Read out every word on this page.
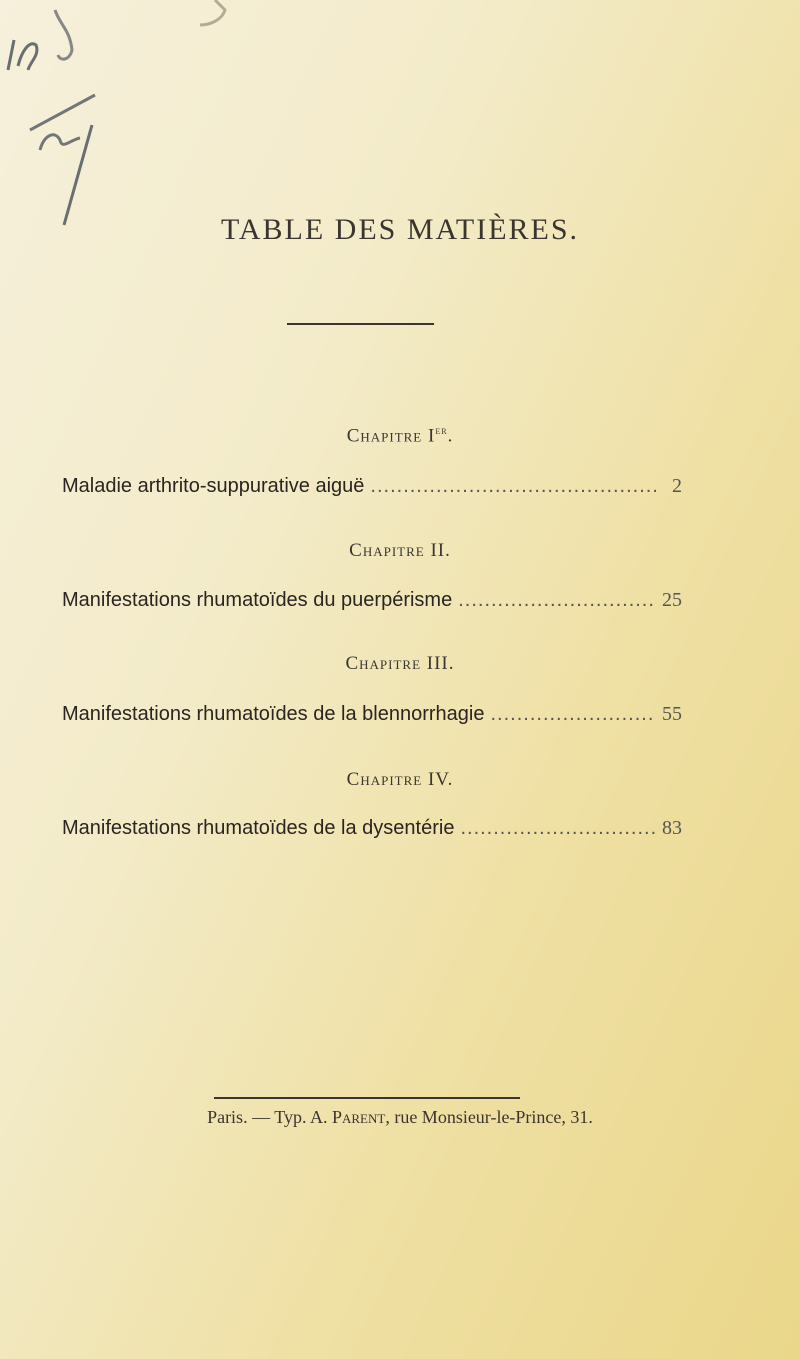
TABLE DES MATIÈRES.
Chapitre Ier.
Maladie arthrito-suppurative aiguë .....	2
Chapitre II.
Manifestations rhumatoïdes du puerpérisme .....	25
Chapitre III.
Manifestations rhumatoïdes de la blennorrhagie .....	55
Chapitre IV.
Manifestations rhumatoïdes de la dysentérie .....	83
Paris. — Typ. A. Parent, rue Monsieur-le-Prince, 31.
